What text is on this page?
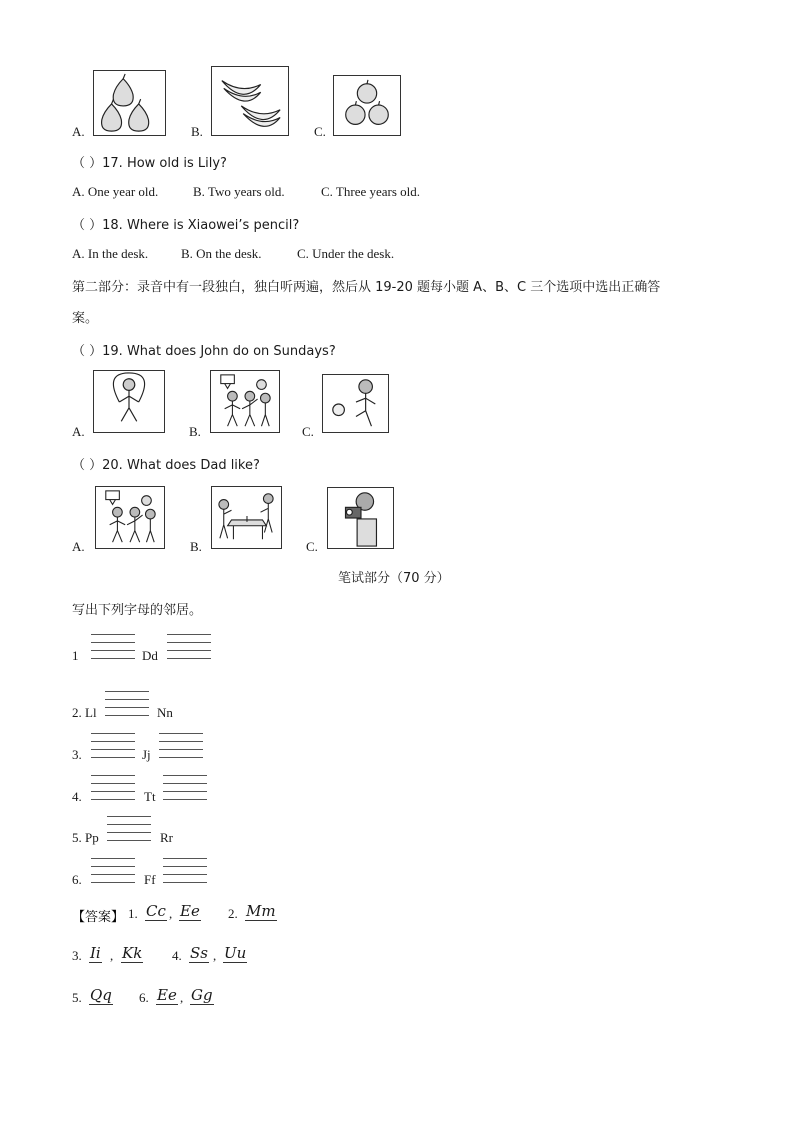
A.	B.	C.
（ ）17. How old is Lily?
A. One year old.	B. Two years old.	C. Three years old.
（ ）18. Where is Xiaowei’s pencil?
A. In the desk.	B. On the desk.	C. Under the desk.
第二部分：录音中有一段独白，独白听两遍，然后从 19-20 题每小题 A、B、C 三个选项中选出正确答
案。
（ ）19. What does John do on Sundays?
A.	B.	C.
（ ）20. What does Dad like?
A.	B.	C.
笔试部分（70 分）
写出下列字母的邻居。
1	Dd
2. Ll	Nn
3.	Jj
4.	Tt
5. Pp	Rr
6.	Ff
【答案】 1. Cc , Ee 2. Mm
3. Ii , Kk 4. Ss , Uu
5. Qq 6. Ee , Gg
